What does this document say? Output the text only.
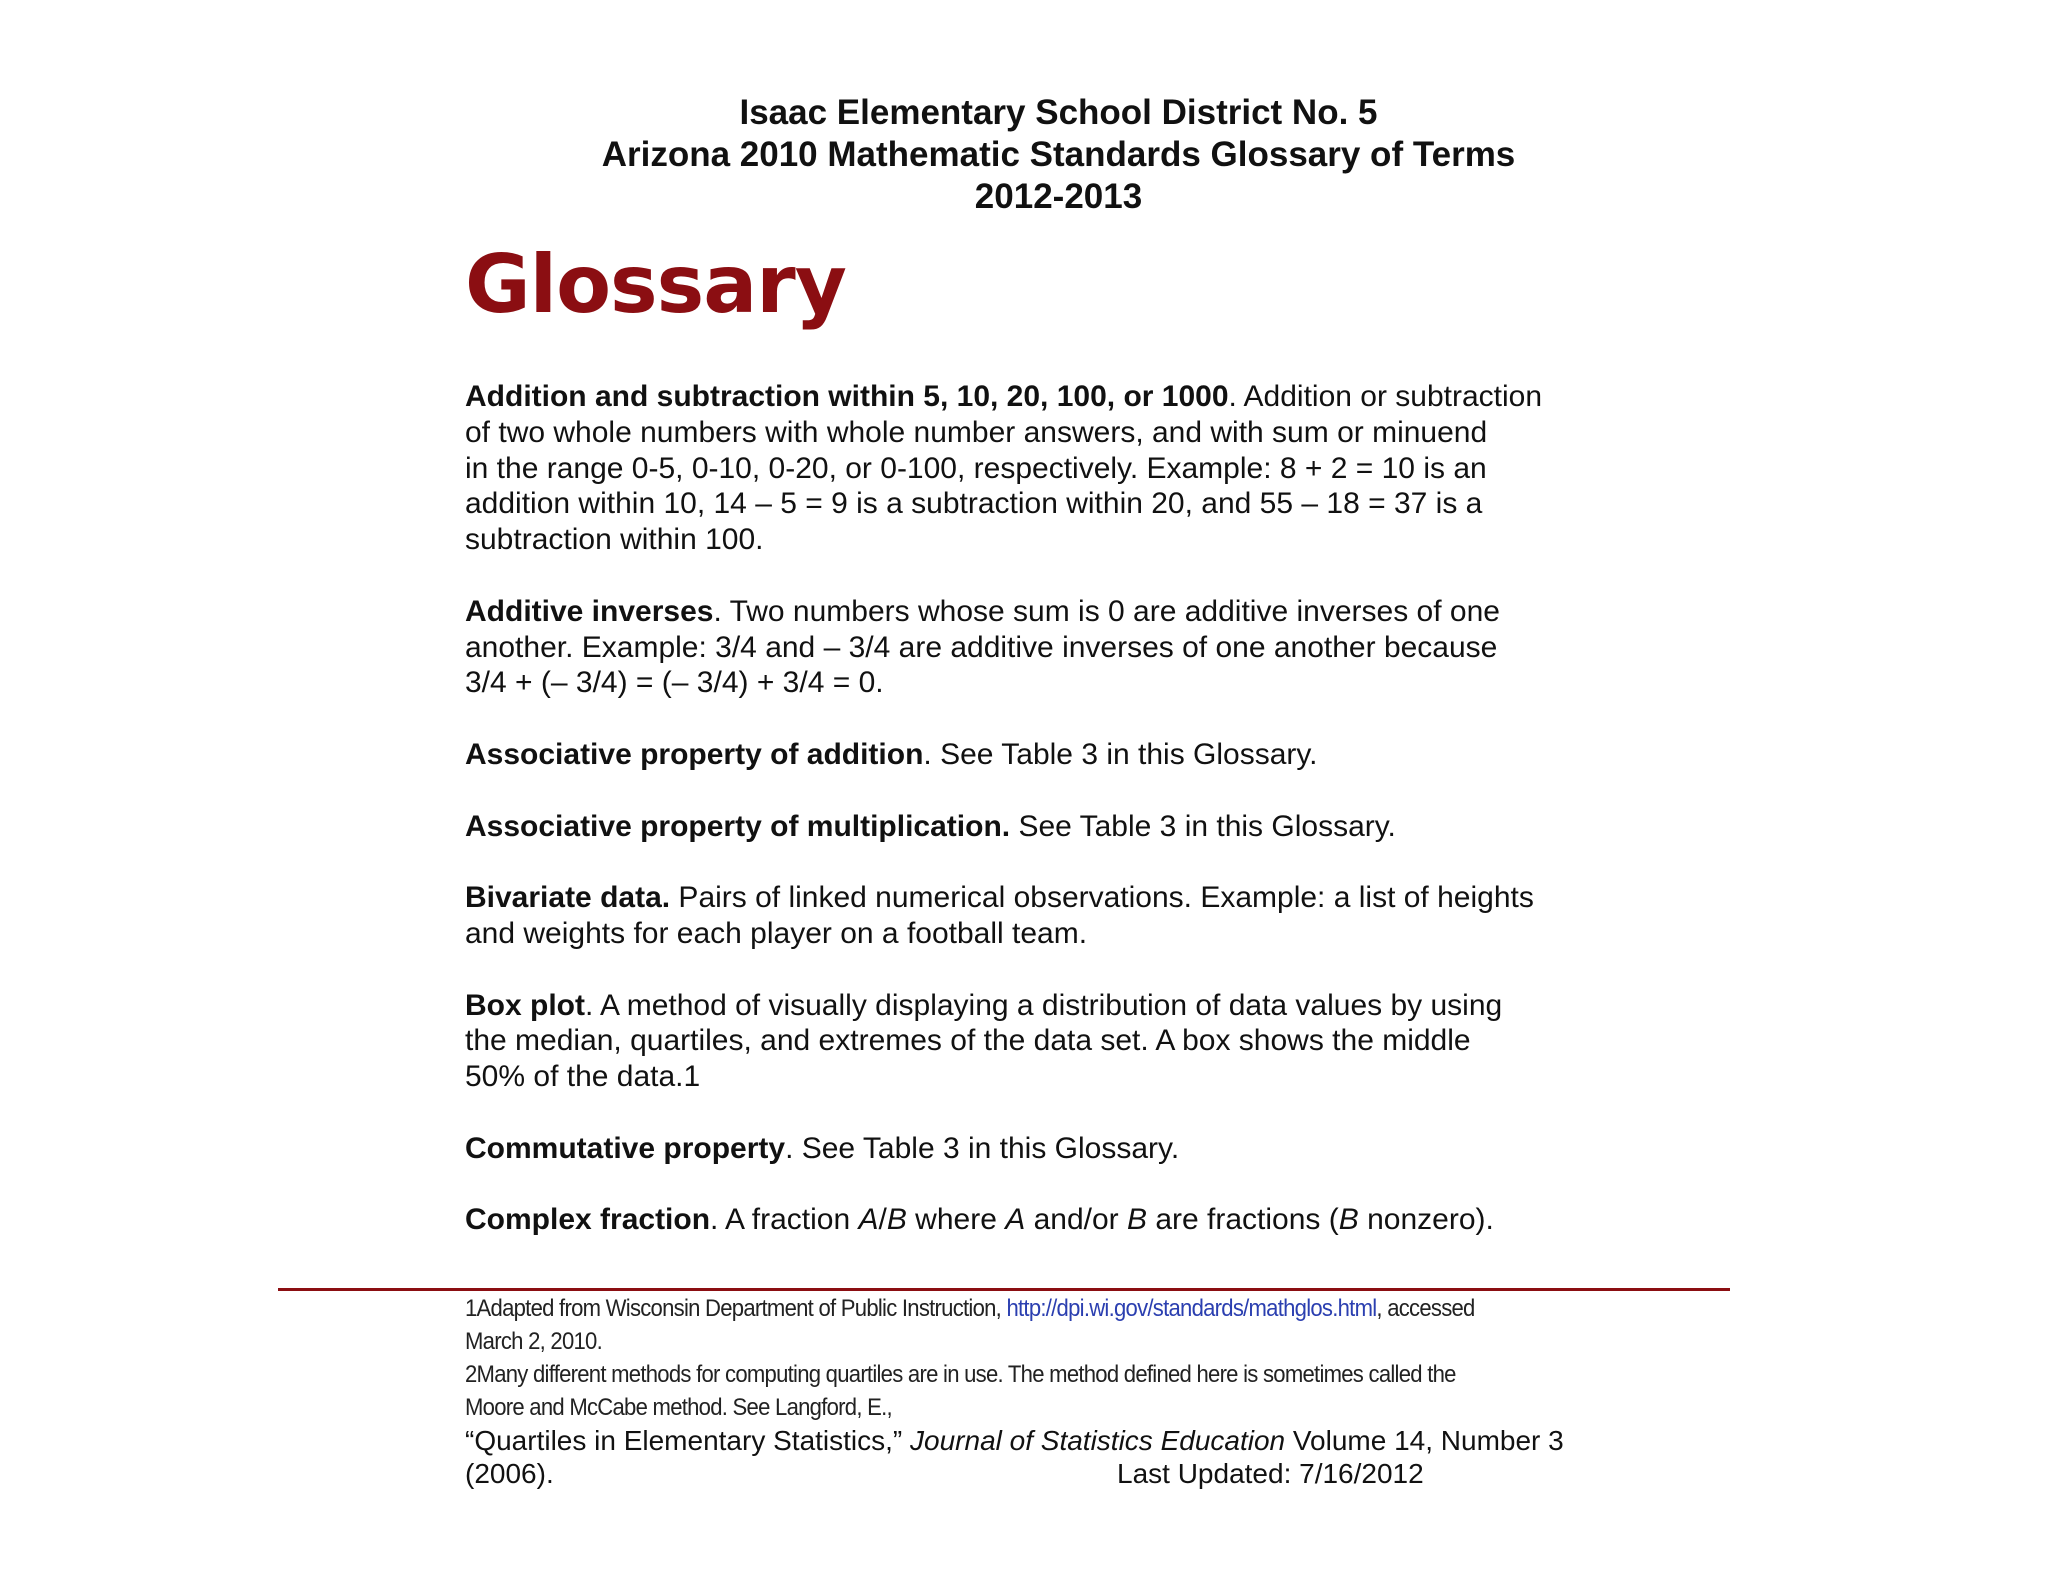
Isaac Elementary School District No. 5
Arizona 2010 Mathematic Standards Glossary of Terms
2012-2013
Glossary
Addition and subtraction within 5, 10, 20, 100, or 1000. Addition or subtraction
of two whole numbers with whole number answers, and with sum or minuend
in the range 0-5, 0-10, 0-20, or 0-100, respectively. Example: 8 + 2 = 10 is an
addition within 10, 14 – 5 = 9 is a subtraction within 20, and 55 – 18 = 37 is a
subtraction within 100.
Additive inverses. Two numbers whose sum is 0 are additive inverses of one
another. Example: 3/4 and – 3/4 are additive inverses of one another because
3/4 + (– 3/4) = (– 3/4) + 3/4 = 0.
Associative property of addition. See Table 3 in this Glossary.
Associative property of multiplication. See Table 3 in this Glossary.
Bivariate data. Pairs of linked numerical observations. Example: a list of heights
and weights for each player on a football team.
Box plot. A method of visually displaying a distribution of data values by using
the median, quartiles, and extremes of the data set. A box shows the middle
50% of the data.1
Commutative property. See Table 3 in this Glossary.
Complex fraction. A fraction A/B where A and/or B are fractions (B nonzero).
1Adapted from Wisconsin Department of Public Instruction, http://dpi.wi.gov/standards/mathglos.html, accessed
March 2, 2010.
2Many different methods for computing quartiles are in use. The method defined here is sometimes called the
Moore and McCabe method. See Langford, E.,
“Quartiles in Elementary Statistics,” Journal of Statistics Education Volume 14, Number 3
(2006).	Last Updated: 7/16/2012
